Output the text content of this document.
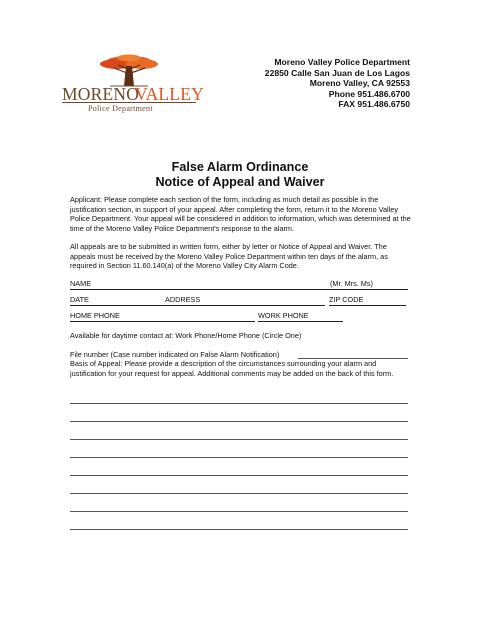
MORENO
VALLEY
Police Department
Moreno Valley Police Department
22850 Calle San Juan de Los Lagos
Moreno Valley, CA 92553
Phone 951.486.6700
FAX 951.486.6750
False Alarm Ordinance
Notice of Appeal and Waiver
Applicant: Please complete each section of the form, including as much detail as possible in the justification section, in support of your appeal. After completing the form, return it to the Moreno Valley Police Department. Your appeal will be considered in addition to information, which was determined at the time of the Moreno Valley Police Department’s response to the alarm.
All appeals are to be submitted in written form, either by letter or Notice of Appeal and Waiver. The appeals must be received by the Moreno Valley Police Department within ten days of the alarm, as required in Section 11.60.140(a) of the Moreno Valley City Alarm Code.
NAME	(Mr. Mrs. Ms)
DATE	ADDRESS	ZIP CODE
HOME PHONE	WORK PHONE
Available for daytime contact at: Work Phone/Home Phone (Circle One)
File number (Case number indicated on False Alarm Notification)
Basis of Appeal: Please provide a description of the circumstances surrounding your alarm and justification for your request for appeal. Additional comments may be added on the back of this form.
